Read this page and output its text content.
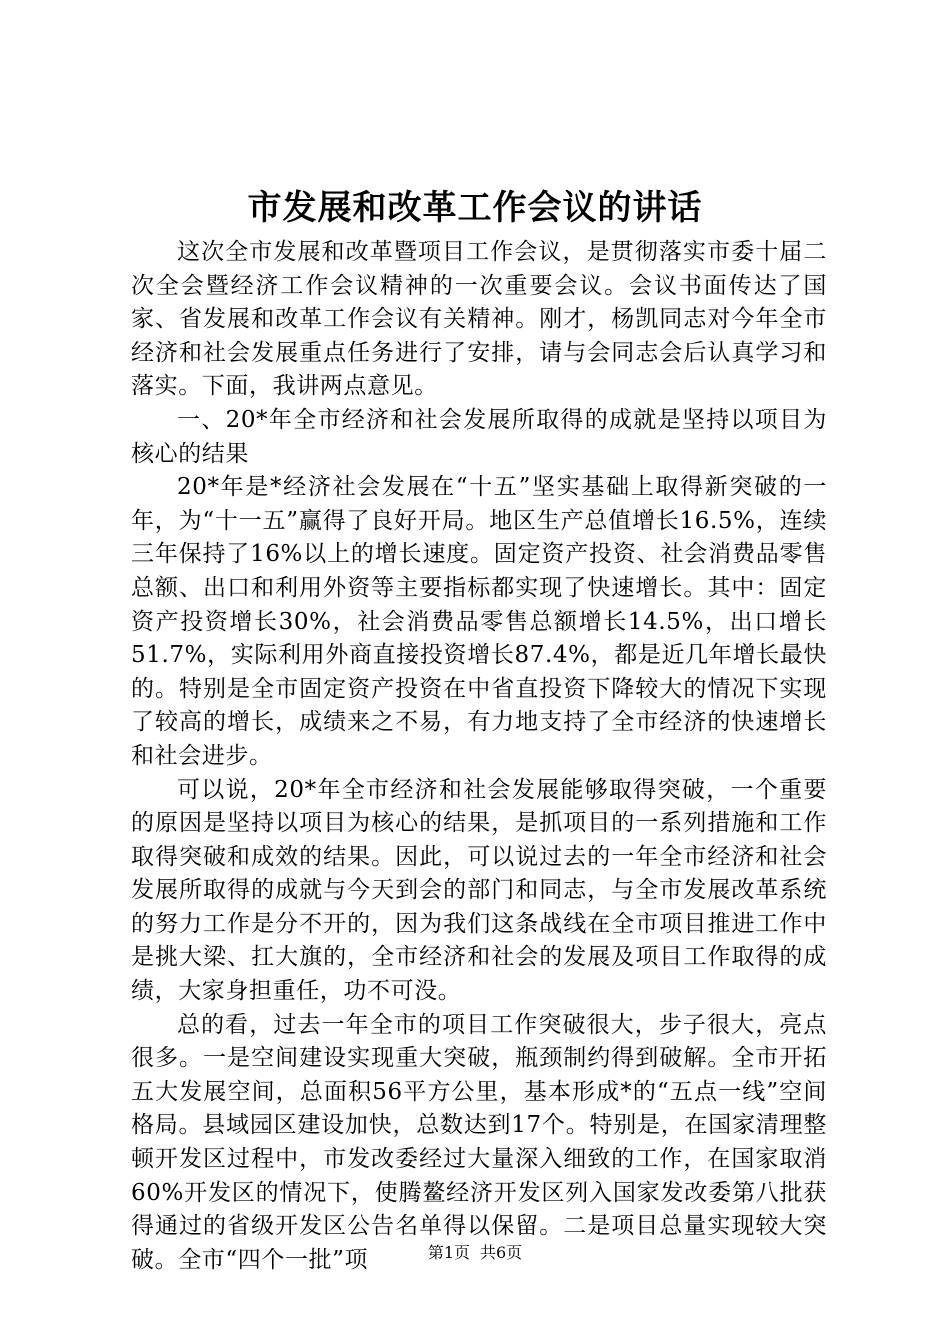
市发展和改革工作会议的讲话

这次全市发展和改革暨项目工作会议，是贯彻落实市委十届二次全会暨经济工作会议精神的一次重要会议。会议书面传达了国家、省发展和改革工作会议有关精神。刚才，杨凯同志对今年全市经济和社会发展重点任务进行了安排，请与会同志会后认真学习和落实。下面，我讲两点意见。

一、20*年全市经济和社会发展所取得的成就是坚持以项目为核心的结果

20*年是*经济社会发展在“十五”坚实基础上取得新突破的一年，为“十一五”赢得了良好开局。地区生产总值增长16.5%，连续三年保持了16%以上的增长速度。固定资产投资、社会消费品零售总额、出口和利用外资等主要指标都实现了快速增长。其中：固定资产投资增长30%，社会消费品零售总额增长14.5%，出口增长51.7%，实际利用外商直接投资增长87.4%，都是近几年增长最快的。特别是全市固定资产投资在中省直投资下降较大的情况下实现了较高的增长，成绩来之不易，有力地支持了全市经济的快速增长和社会进步。

可以说，20*年全市经济和社会发展能够取得突破，一个重要的原因是坚持以项目为核心的结果，是抓项目的一系列措施和工作取得突破和成效的结果。因此，可以说过去的一年全市经济和社会发展所取得的成就与今天到会的部门和同志，与全市发展改革系统的努力工作是分不开的，因为我们这条战线在全市项目推进工作中是挑大梁、扛大旗的，全市经济和社会的发展及项目工作取得的成绩，大家身担重任，功不可没。

总的看，过去一年全市的项目工作突破很大，步子很大，亮点很多。一是空间建设实现重大突破，瓶颈制约得到破解。全市开拓五大发展空间，总面积56平方公里，基本形成*的“五点一线”空间格局。县域园区建设加快，总数达到17个。特别是，在国家清理整顿开发区过程中，市发改委经过大量深入细致的工作，在国家取消60%开发区的情况下，使腾鳌经济开发区列入国家发改委第八批获得通过的省级开发区公告名单得以保留。二是项目总量实现较大突破。全市“四个一批”项	第1页 共6页
